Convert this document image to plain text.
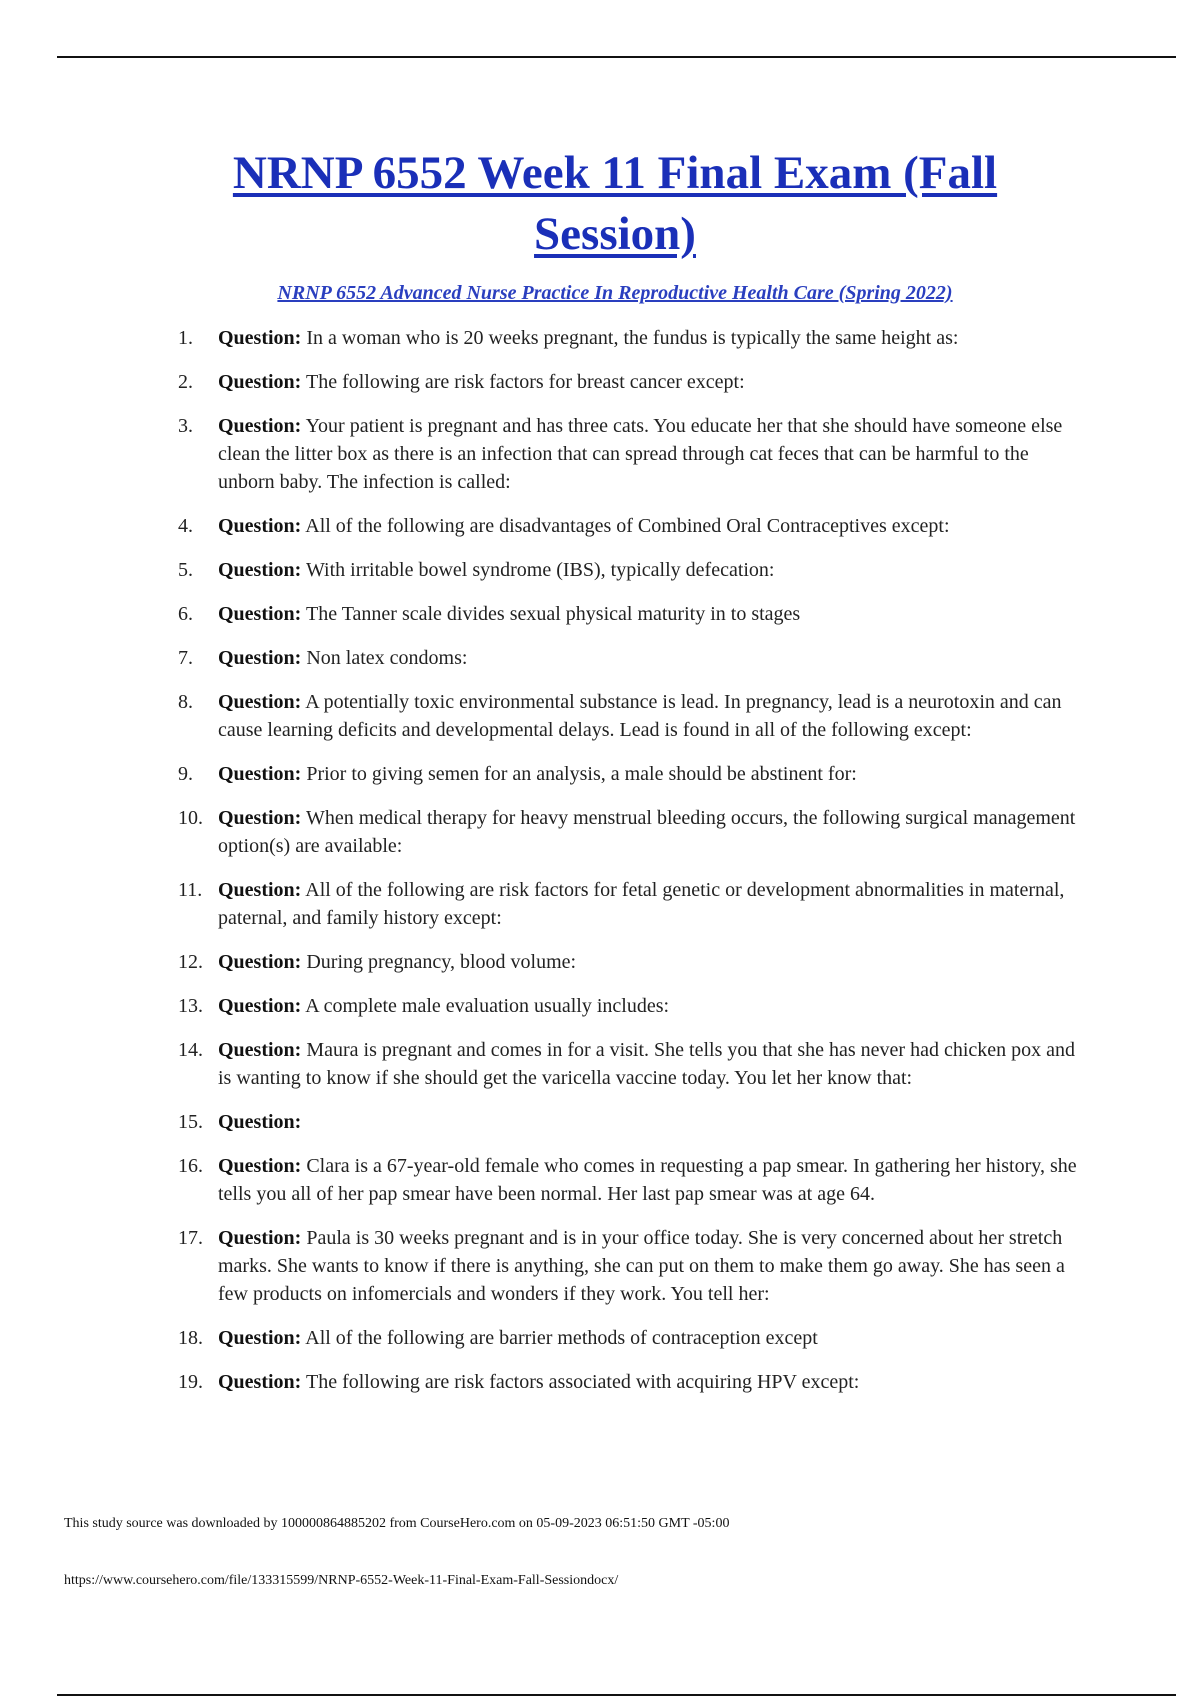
NRNP 6552 Week 11 Final Exam (Fall Session)

NRNP 6552 Advanced Nurse Practice In Reproductive Health Care (Spring 2022)

1.	Question: In a woman who is 20 weeks pregnant, the fundus is typically the same height as:
2.	Question: The following are risk factors for breast cancer except:
3.	Question: Your patient is pregnant and has three cats. You educate her that she should have someone else clean the litter box as there is an infection that can spread through cat feces that can be harmful to the unborn baby. The infection is called:
4.	Question: All of the following are disadvantages of Combined Oral Contraceptives except:
5.	Question: With irritable bowel syndrome (IBS), typically defecation:
6.	Question: The Tanner scale divides sexual physical maturity in to stages
7.	Question: Non latex condoms:
8.	Question: A potentially toxic environmental substance is lead. In pregnancy, lead is a neurotoxin and can cause learning deficits and developmental delays. Lead is found in all of the following except:
9.	Question: Prior to giving semen for an analysis, a male should be abstinent for:
10. Question: When medical therapy for heavy menstrual bleeding occurs, the following surgical management option(s) are available:
11. Question: All of the following are risk factors for fetal genetic or development abnormalities in maternal, paternal, and family history except:
12. Question: During pregnancy, blood volume:
13. Question: A complete male evaluation usually includes:
14. Question: Maura is pregnant and comes in for a visit. She tells you that she has never had chicken pox and is wanting to know if she should get the varicella vaccine today. You let her know that:
15. Question:
16. Question: Clara is a 67-year-old female who comes in requesting a pap smear. In gathering her history, she tells you all of her pap smear have been normal. Her last pap smear was at age 64.
17. Question: Paula is 30 weeks pregnant and is in your office today. She is very concerned about her stretch marks. She wants to know if there is anything, she can put on them to make them go away. She has seen a few products on infomercials and wonders if they work. You tell her:
18. Question: All of the following are barrier methods of contraception except
19. Question: The following are risk factors associated with acquiring HPV except:

This study source was downloaded by 100000864885202 from CourseHero.com on 05-09-2023 06:51:50 GMT -05:00

https://www.coursehero.com/file/133315599/NRNP-6552-Week-11-Final-Exam-Fall-Sessiondocx/
